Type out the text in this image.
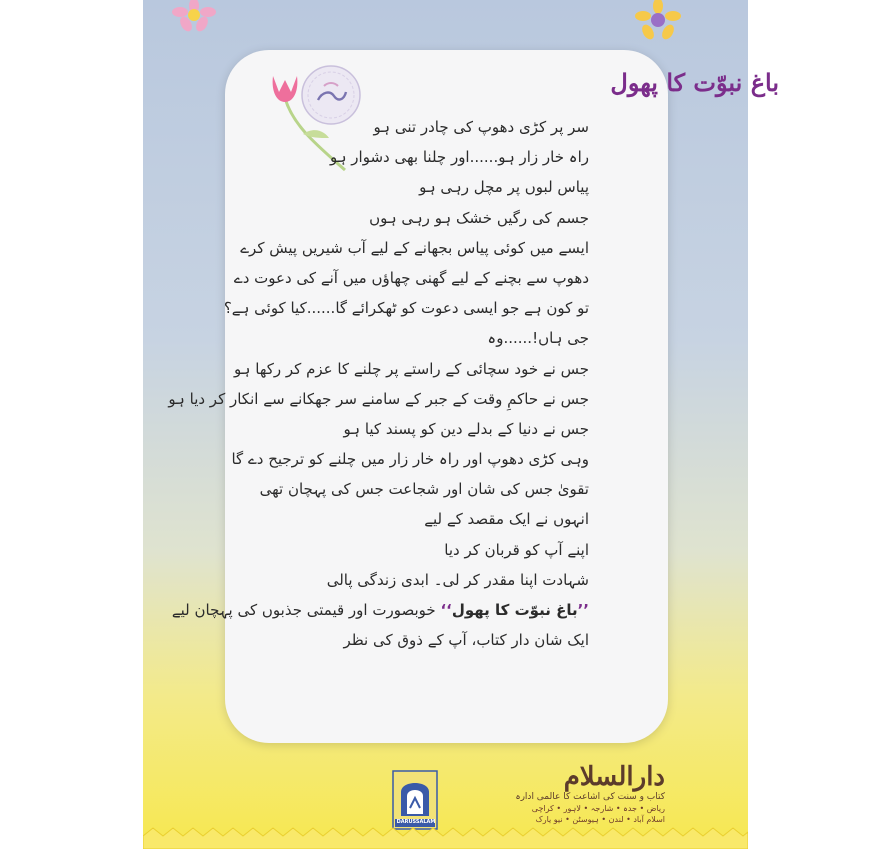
باغ نبوّت کا پھول
سر پر کڑی دھوپ کی چادر تنی ہو
راہ خار زار ہو......اور چلنا بھی دشوار ہو
پیاس لبوں پر مچل رہی ہو
جسم کی رگیں خشک ہو رہی ہوں
ایسے میں کوئی پیاس بجھانے کے لیے آب شیریں پیش کرے
دھوپ سے بچنے کے لیے گھنی چھاؤں میں آنے کی دعوت دے
تو کون ہے جو ایسی دعوت کو ٹھکرائے گا......کیا کوئی ہے؟
جی ہاں!......وہ
جس نے خود سچائی کے راستے پر چلنے کا عزم کر رکھا ہو
جس نے حاکمِ وقت کے جبر کے سامنے سر جھکانے سے انکار کر دیا ہو
جس نے دنیا کے بدلے دین کو پسند کیا ہو
وہی کڑی دھوپ اور راہ خار زار میں چلنے کو ترجیح دے گا
تقویٰ جس کی شان اور شجاعت جس کی پہچان تھی
انہوں نے ایک مقصد کے لیے
اپنے آپ کو قربان کر دیا
شہادت اپنا مقدر کر لی۔ ابدی زندگی پالی
’’باغ نبوّت کا پھول‘‘ خوبصورت اور قیمتی جذبوں کی پہچان لیے
ایک شان دار کتاب، آپ کے ذوق کی نظر
DARUSSALAM
دارالسلام
کتاب و سنت کی اشاعت کا عالمی ادارہ
ریاض • جدہ • شارجہ • لاہور • کراچی
اسلام آباد • لندن • ہیوسٹن • نیو یارک
